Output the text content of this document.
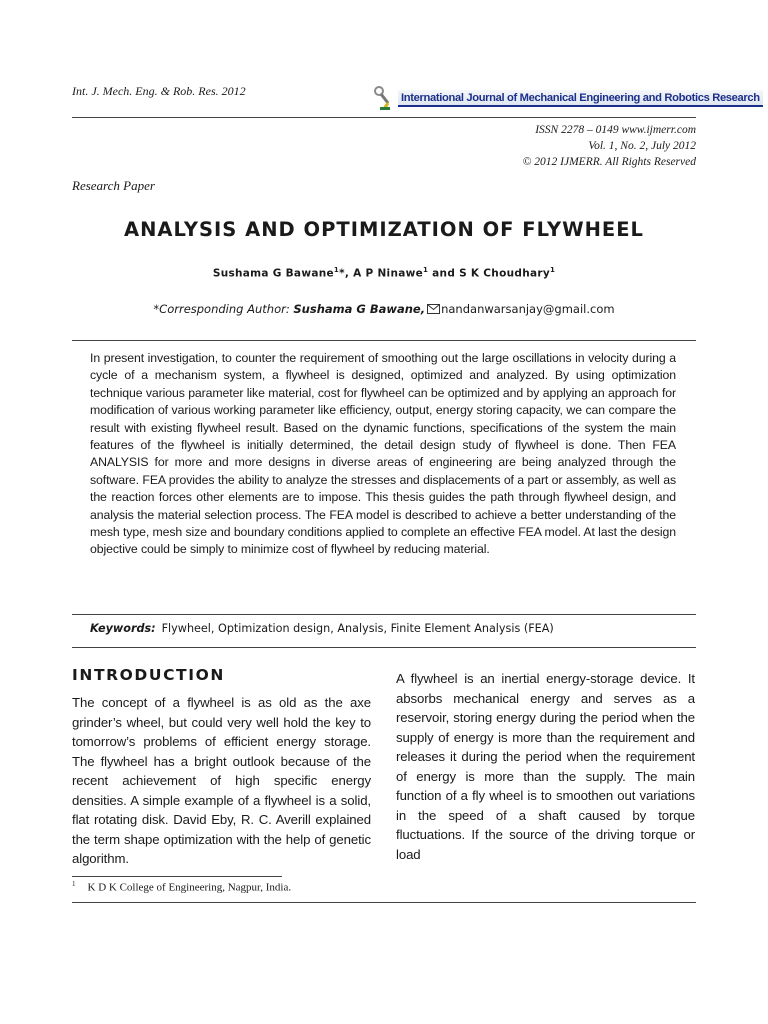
Int. J. Mech. Eng. & Rob. Res. 2012	International Journal of Mechanical Engineering and Robotics Research
ISSN 2278 – 0149 www.ijmerr.com
Vol. 1, No. 2, July 2012
© 2012 IJMERR. All Rights Reserved
Research Paper
ANALYSIS AND OPTIMIZATION OF FLYWHEEL
Sushama G Bawane$^1$*, A P Ninawe$^1$ and S K Choudhary$^1$
*Corresponding Author: Sushama G Bawane, nandanwarsanjay@gmail.com
In present investigation, to counter the requirement of smoothing out the large oscillations in velocity during a cycle of a mechanism system, a flywheel is designed, optimized and analyzed. By using optimization technique various parameter like material, cost for flywheel can be optimized and by applying an approach for modification of various working parameter like efficiency, output, energy storing capacity, we can compare the result with existing flywheel result. Based on the dynamic functions, specifications of the system the main features of the flywheel is initially determined, the detail design study of flywheel is done. Then FEA ANALYSIS for more and more designs in diverse areas of engineering are being analyzed through the software. FEA provides the ability to analyze the stresses and displacements of a part or assembly, as well as the reaction forces other elements are to impose. This thesis guides the path through flywheel design, and analysis the material selection process. The FEA model is described to achieve a better understanding of the mesh type, mesh size and boundary conditions applied to complete an effective FEA model. At last the design objective could be simply to minimize cost of flywheel by reducing material.
Keywords: Flywheel, Optimization design, Analysis, Finite Element Analysis (FEA)
INTRODUCTION
The concept of a flywheel is as old as the axe grinder’s wheel, but could very well hold the key to tomorrow’s problems of efficient energy storage. The flywheel has a bright outlook because of the recent achievement of high specific energy densities. A simple example of a flywheel is a solid, flat rotating disk. David Eby, R. C. Averill explained the term shape optimization with the help of genetic algorithm.
A flywheel is an inertial energy-storage device. It absorbs mechanical energy and serves as a reservoir, storing energy during the period when the supply of energy is more than the requirement and releases it during the period when the requirement of energy is more than the supply. The main function of a fly wheel is to smoothen out variations in the speed of a shaft caused by torque fluctuations. If the source of the driving torque or load
$^1$ K D K College of Engineering, Nagpur, India.
